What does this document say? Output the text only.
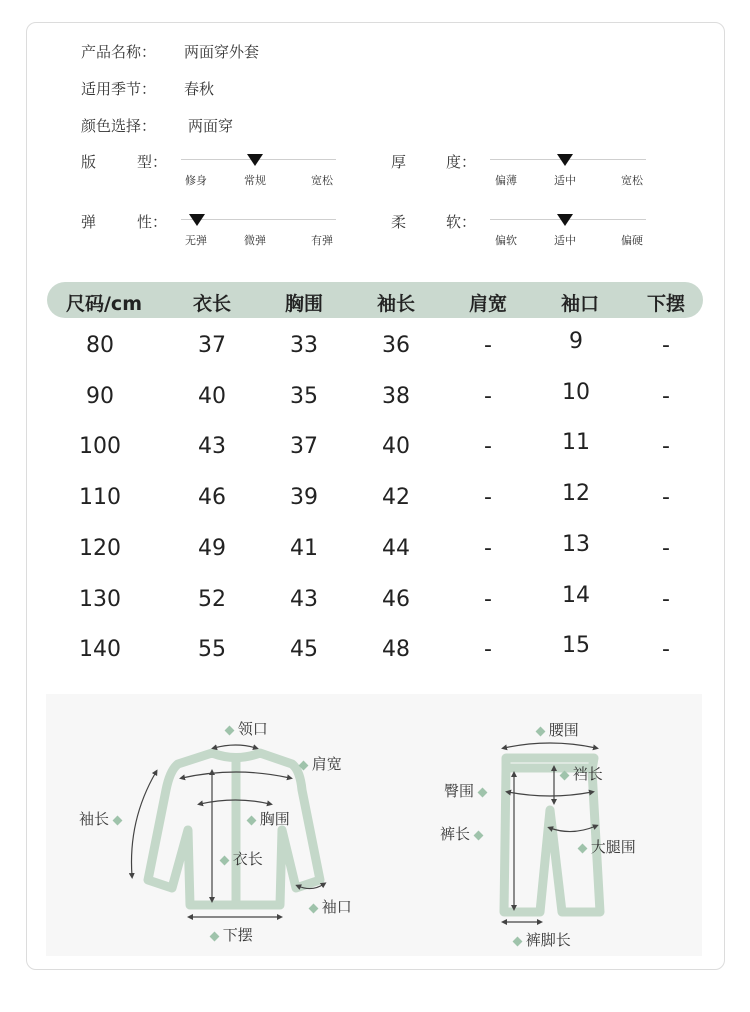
产品名称： 两面穿外套
适用季节： 春秋
颜色选择： 两面穿
版	型：
修身	常规	宽松
厚	度：
偏薄	适中	宽松
弹	性：
无弹	微弹	有弹
柔	软：
偏软	适中	偏硬
尺码/cm	衣长	胸围	袖长	肩宽	袖口	下摆
80	37	33	36	-	9	-
90	40	35	38	-	10	-
100	43	37	40	-	11	-
110	46	39	42	-	12	-
120	49	41	44	-	13	-
130	52	43	46	-	14	-
140	55	45	48	-	15	-
领口
肩宽
袖长	胸围
衣长
袖口
下摆
腰围
裆长
臀围
裤长
大腿围
裤脚长
